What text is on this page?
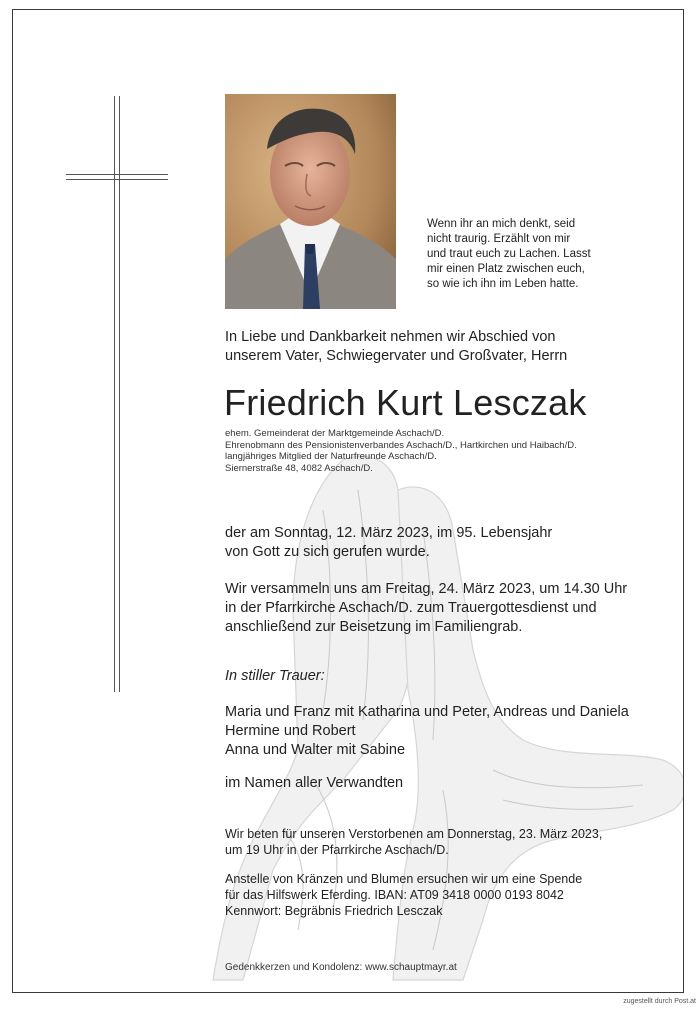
Wenn ihr an mich denkt, seid
nicht traurig. Erzählt von mir
und traut euch zu Lachen. Lasst
mir einen Platz zwischen euch,
so wie ich ihn im Leben hatte.
In Liebe und Dankbarkeit nehmen wir Abschied von
unserem Vater, Schwiegervater und Großvater, Herrn
Friedrich Kurt Lesczak
ehem. Gemeinderat der Marktgemeinde Aschach/D.
Ehrenobmann des Pensionistenverbandes Aschach/D., Hartkirchen und Haibach/D.
langjähriges Mitglied der Naturfreunde Aschach/D.
Siernerstraße 48, 4082 Aschach/D.
der am Sonntag, 12. März 2023, im 95. Lebensjahr
von Gott zu sich gerufen wurde.
Wir versammeln uns am Freitag, 24. März 2023, um 14.30 Uhr
in der Pfarrkirche Aschach/D. zum Trauergottesdienst und
anschließend zur Beisetzung im Familiengrab.
In stiller Trauer:
Maria und Franz mit Katharina und Peter, Andreas und Daniela
Hermine und Robert
Anna und Walter mit Sabine
im Namen aller Verwandten
Wir beten für unseren Verstorbenen am Donnerstag, 23. März 2023,
um 19 Uhr in der Pfarrkirche Aschach/D.
Anstelle von Kränzen und Blumen ersuchen wir um eine Spende
für das Hilfswerk Eferding. IBAN: AT09 3418 0000 0193 8042
Kennwort: Begräbnis Friedrich Lesczak
Gedenkkerzen und Kondolenz: www.schauptmayr.at
zugestellt durch Post.at
